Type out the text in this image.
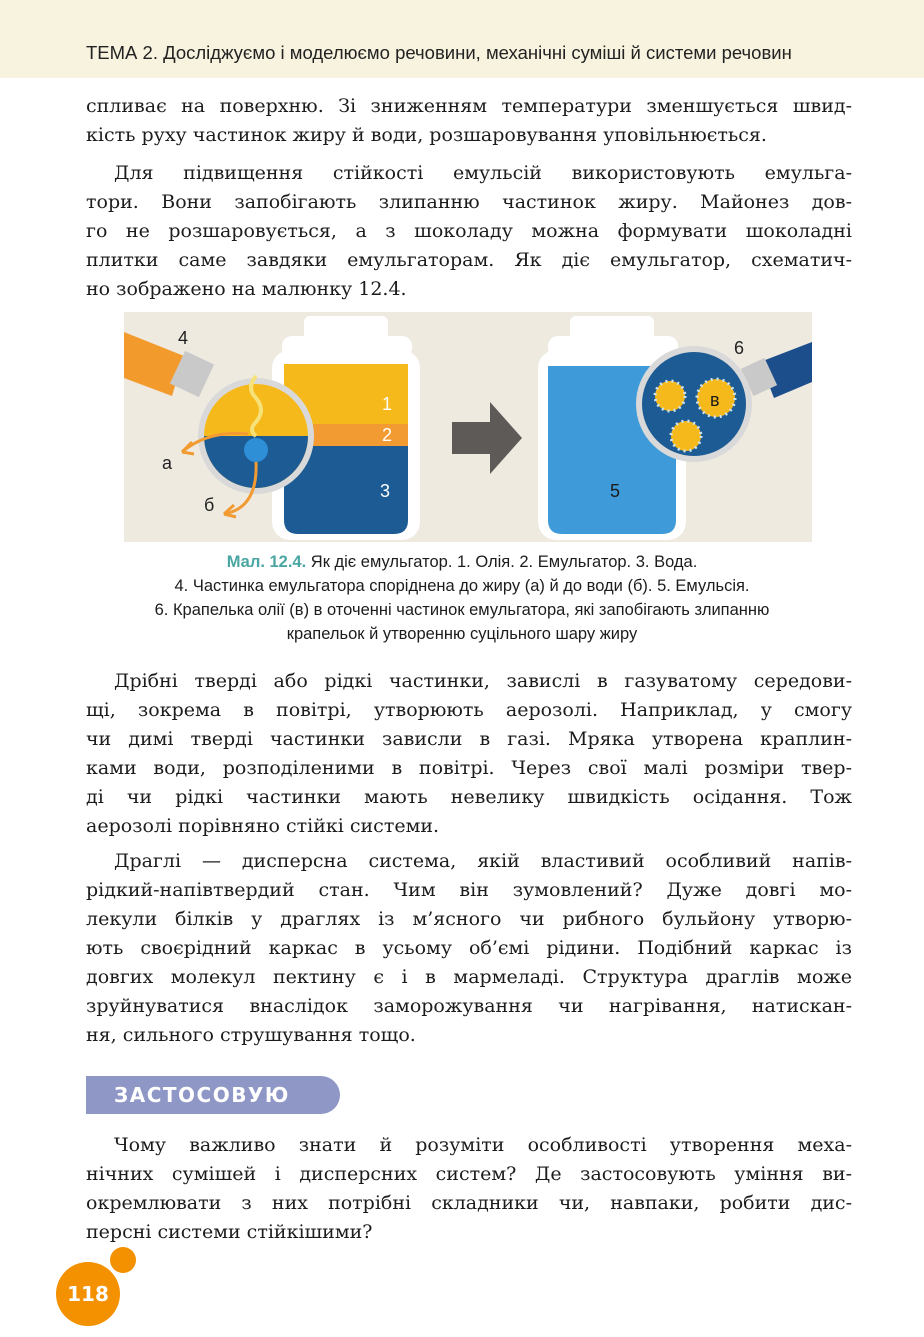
ТЕМА 2. Досліджуємо і моделюємо речовини, механічні суміші й системи речовин
спливає на поверхню. Зі зниженням температури зменшується швид-
кість руху частинок жиру й води, розшаровування уповільнюється.
Для підвищення стійкості емульсій використовують емульга-
тори. Вони запобігають злипанню частинок жиру. Майонез дов-
го не розшаровується, а з шоколаду можна формувати шоколадні
плитки саме завдяки емульгаторам. Як діє емульгатор, схематич-
но зображено на малюнку 12.4.
1
2
3
4
а
б
5
в
6
Мал. 12.4. Як діє емульгатор. 1. Олія. 2. Емульгатор. 3. Вода.
4. Частинка емульгатора споріднена до жиру (а) й до води (б). 5. Емульсія.
6. Крапелька олії (в) в оточенні частинок емульгатора, які запобігають злипанню
крапельок й утворенню суцільного шару жиру
Дрібні тверді або рідкі частинки, завислі в газуватому середови-
щі, зокрема в повітрі, утворюють аерозолі. Наприклад, у смогу
чи димі тверді частинки зависли в газі. Мряка утворена краплин-
ками води, розподіленими в повітрі. Через свої малі розміри твер-
ді чи рідкі частинки мають невелику швидкість осідання. Тож
аерозолі порівняно стійкі системи.
Драглі — дисперсна система, якій властивий особливий напів-
рідкий-напівтвердий стан. Чим він зумовлений? Дуже довгі мо-
лекули білків у драглях із м’ясного чи рибного бульйону утворю-
ють своєрідний каркас в усьому об’ємі рідини. Подібний каркас із
довгих молекул пектину є і в мармеладі. Структура драглів може
зруйнуватися внаслідок заморожування чи нагрівання, натискан-
ня, сильного струшування тощо.
ЗАСТОСОВУЮ
Чому важливо знати й розуміти особливості утворення меха-
нічних сумішей і дисперсних систем? Де застосовують уміння ви-
окремлювати з них потрібні складники чи, навпаки, робити дис-
персні системи стійкішими?
118
